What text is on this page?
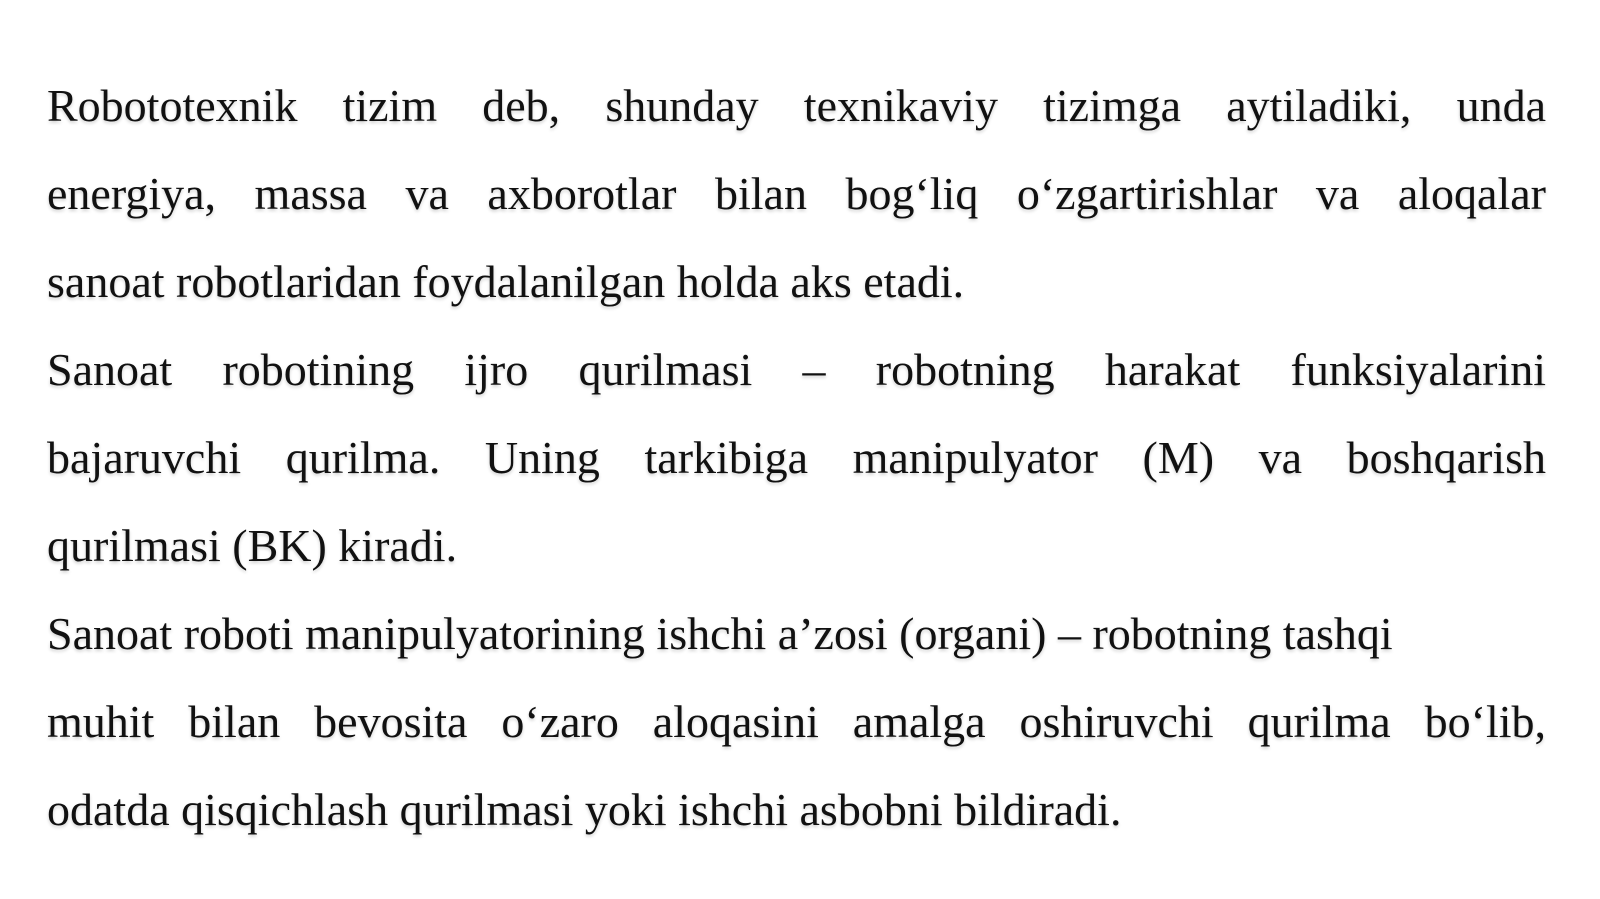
Robototexnik tizim deb, shunday texnikaviy tizimga aytiladiki, unda
energiya, massa va axborotlar bilan bog‘liq o‘zgartirishlar va aloqalar
sanoat robotlaridan foydalanilgan holda aks etadi.

Sanoat robotining ijro qurilmasi – robotning harakat funksiyalarini
bajaruvchi qurilma. Uning tarkibiga manipulyator (M) va boshqarish
qurilmasi (BK) kiradi.

Sanoat roboti manipulyatorining ishchi a’zosi (organi) – robotning tashqi
muhit bilan bevosita o‘zaro aloqasini amalga oshiruvchi qurilma bo‘lib,
odatda qisqichlash qurilmasi yoki ishchi asbobni bildiradi.
